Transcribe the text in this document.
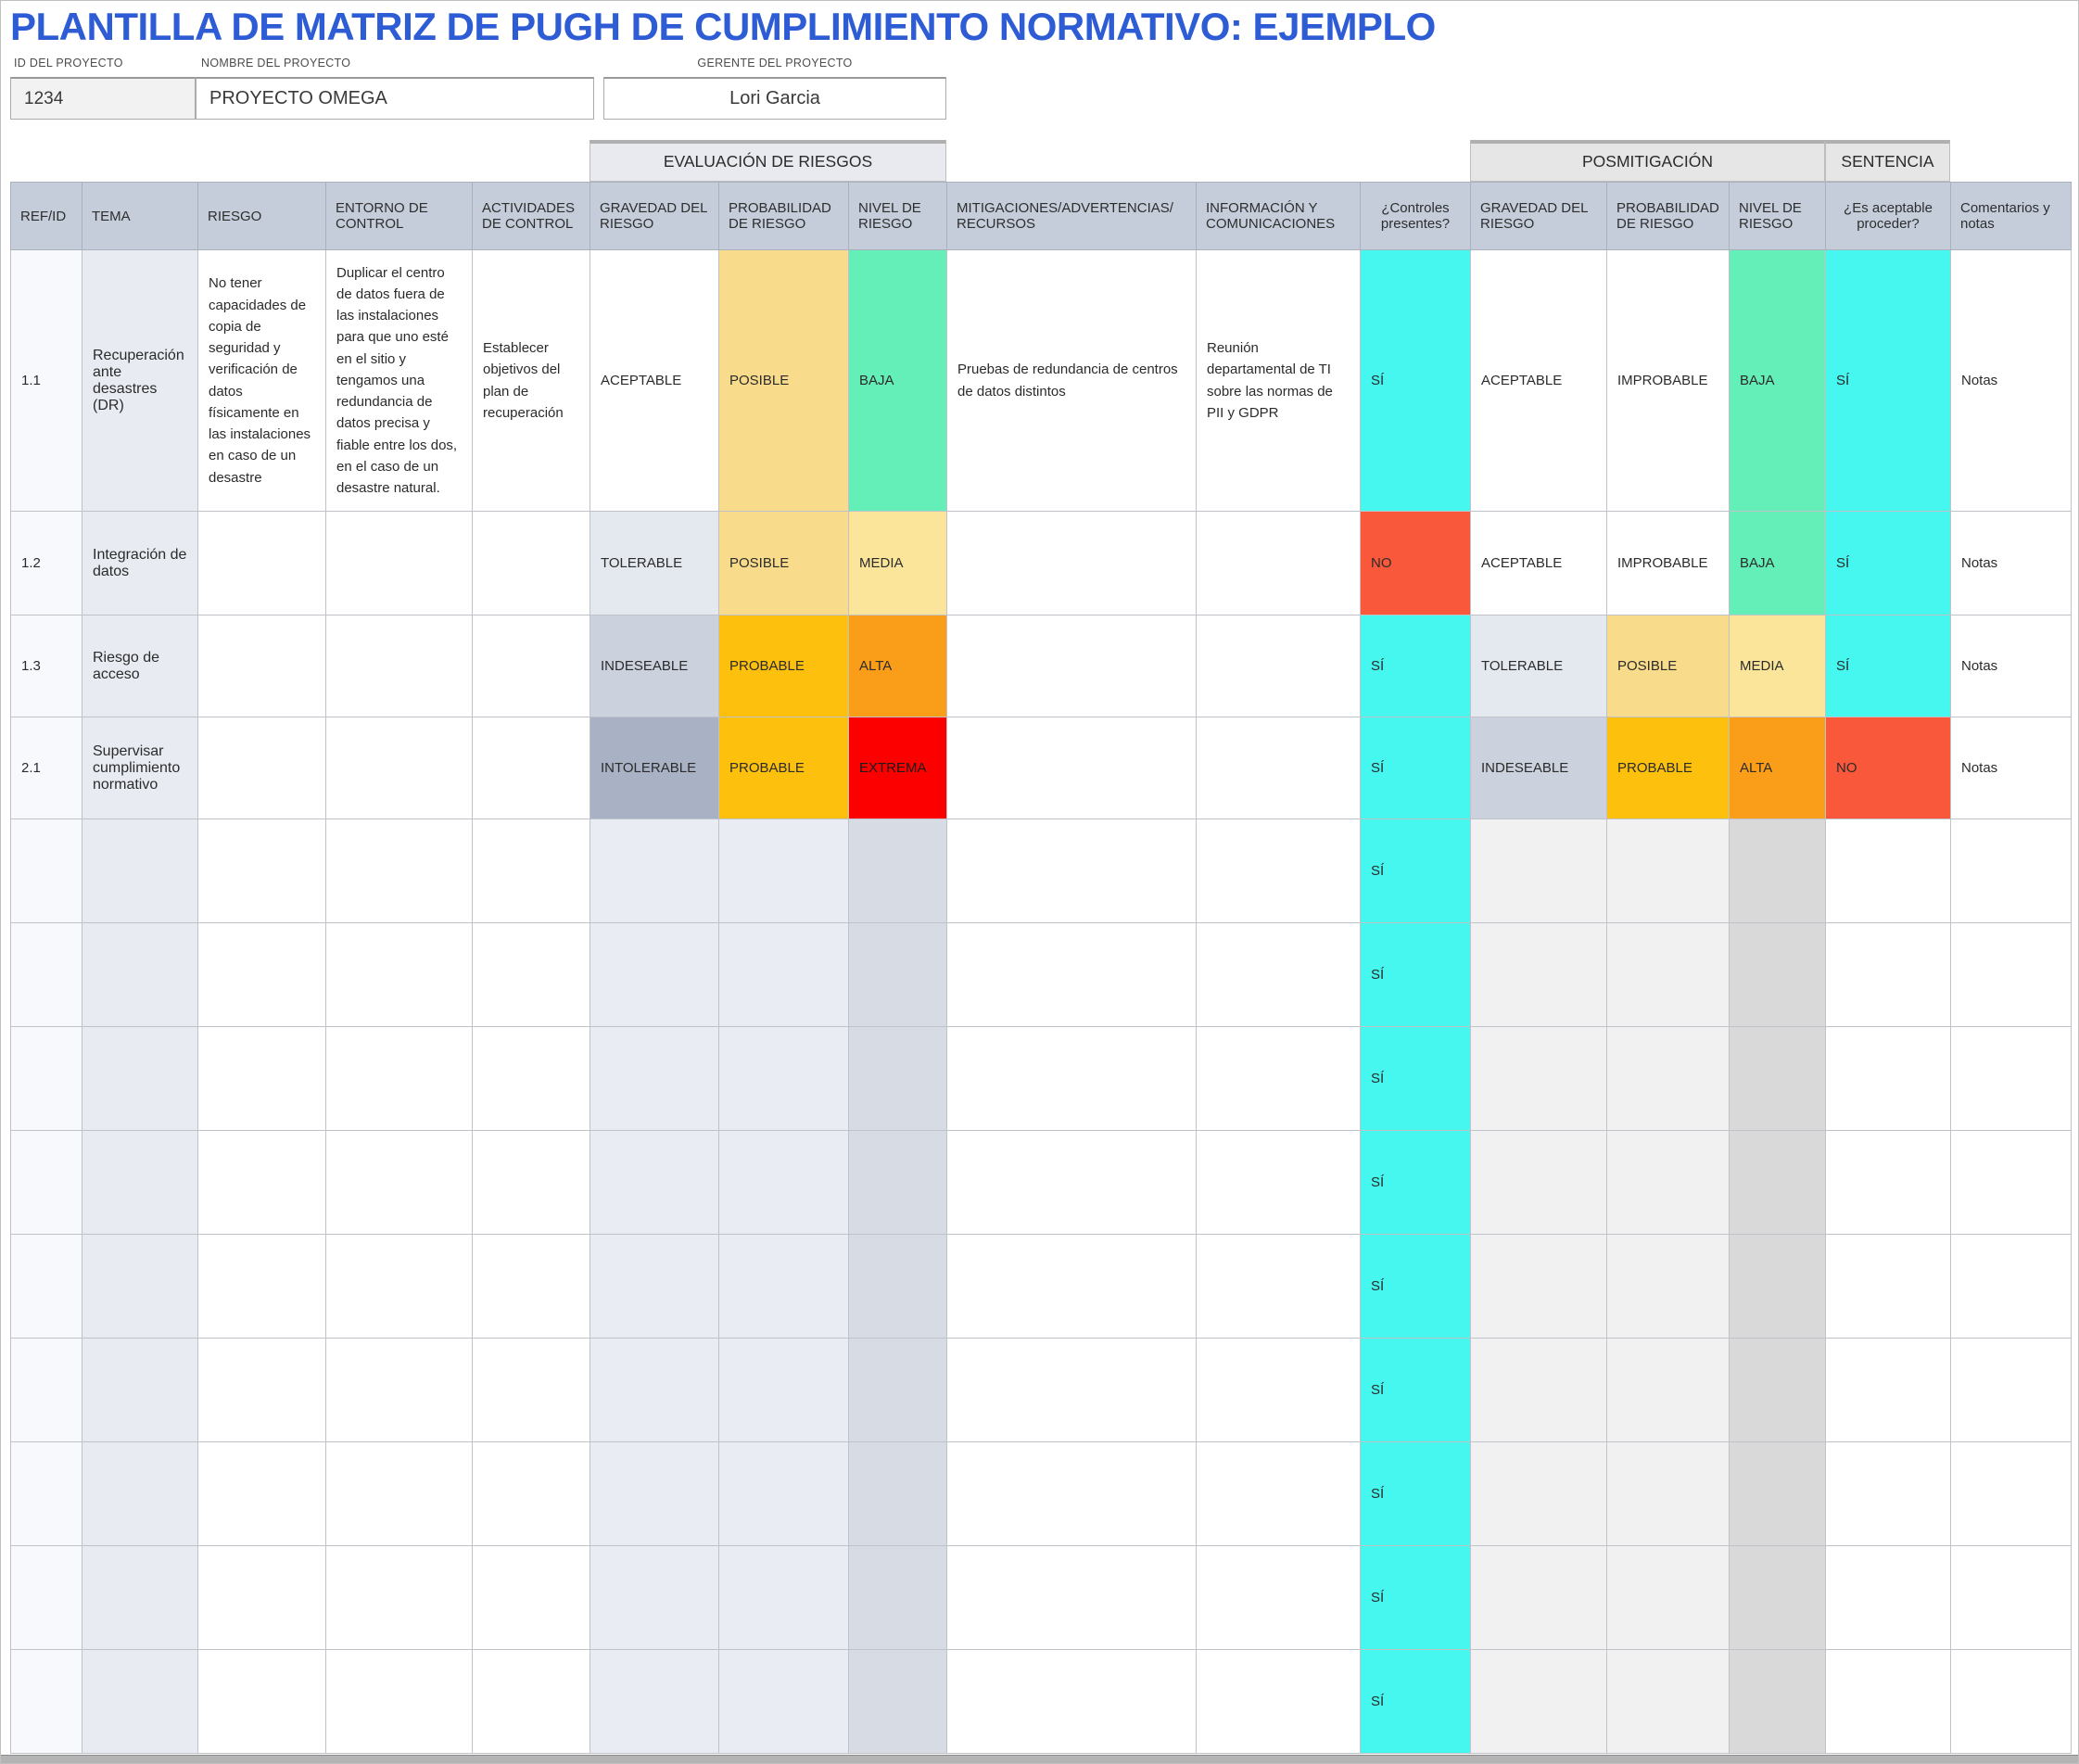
PLANTILLA DE MATRIZ DE PUGH DE CUMPLIMIENTO NORMATIVO: EJEMPLO
ID DEL PROYECTO	NOMBRE DEL PROYECTO	GERENTE DEL PROYECTO
1234	PROYECTO OMEGA	Lori Garcia
EVALUACIÓN DE RIESGOS	POSMITIGACIÓN	SENTENCIA
REF/ID	TEMA	RIESGO	ENTORNO DE CONTROL	ACTIVIDADES DE CONTROL	GRAVEDAD DEL RIESGO	PROBABILIDAD DE RIESGO	NIVEL DE RIESGO	MITIGACIONES/ADVERTENCIAS/ RECURSOS	INFORMACIÓN Y COMUNICACIONES	¿Controles presentes?	GRAVEDAD DEL RIESGO	PROBABILIDAD DE RIESGO	NIVEL DE RIESGO	¿Es aceptable proceder?	Comentarios y notas
1.1	Recuperación ante desastres (DR)	No tener capacidades de copia de seguridad y verificación de datos físicamente en las instalaciones en caso de un desastre	Duplicar el centro de datos fuera de las instalaciones para que uno esté en el sitio y tengamos una redundancia de datos precisa y fiable entre los dos, en el caso de un desastre natural.	Establecer objetivos del plan de recuperación	ACEPTABLE	POSIBLE	BAJA	Pruebas de redundancia de centros de datos distintos	Reunión departamental de TI sobre las normas de PII y GDPR	SÍ	ACEPTABLE	IMPROBABLE	BAJA	SÍ	Notas
1.2	Integración de datos				TOLERABLE	POSIBLE	MEDIA			NO	ACEPTABLE	IMPROBABLE	BAJA	SÍ	Notas
1.3	Riesgo de acceso				INDESEABLE	PROBABLE	ALTA			SÍ	TOLERABLE	POSIBLE	MEDIA	SÍ	Notas
2.1	Supervisar cumplimiento normativo				INTOLERABLE	PROBABLE	EXTREMA			SÍ	INDESEABLE	PROBABLE	ALTA	NO	Notas
										SÍ					
										SÍ					
										SÍ					
										SÍ					
										SÍ					
										SÍ					
										SÍ					
										SÍ					
										SÍ					
